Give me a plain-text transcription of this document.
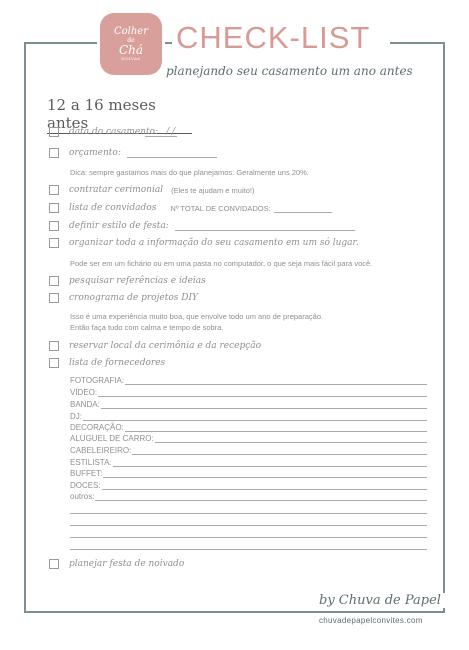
Colher
de
Chá
NOIVAS
CHECK-LIST
planejando seu casamento um ano antes
12 a 16 meses antes
data do casamento: / /
orçamento:
Dica: sempre gastamos mais do que planejamos. Geralmente uns 20%.
contratar cerimonial (Eles te ajudam e muito!)
lista de convidados Nº TOTAL DE CONVIDADOS:
definir estilo de festa:
organizar toda a informação do seu casamento em um só lugar.
Pode ser em um fichário ou em uma pasta no computador, o que seja mais fácil para você.
pesquisar referências e ideias
cronograma de projetos DIY
Isso é uma experiência muito boa, que envolve todo um ano de preparação.
Então faça tudo com calma e tempo de sobra.
reservar local da cerimônia e da recepção
lista de fornecedores
FOTOGRAFIA:
VÍDEO:
BANDA:
DJ:
DECORAÇÃO:
ALUGUEL DE CARRO:
CABELEIREIRO:
ESTILISTA:
BUFFET:
DOCES:
outros:
planejar festa de noivado
by Chuva de Papel
chuvadepapelconvites.com
